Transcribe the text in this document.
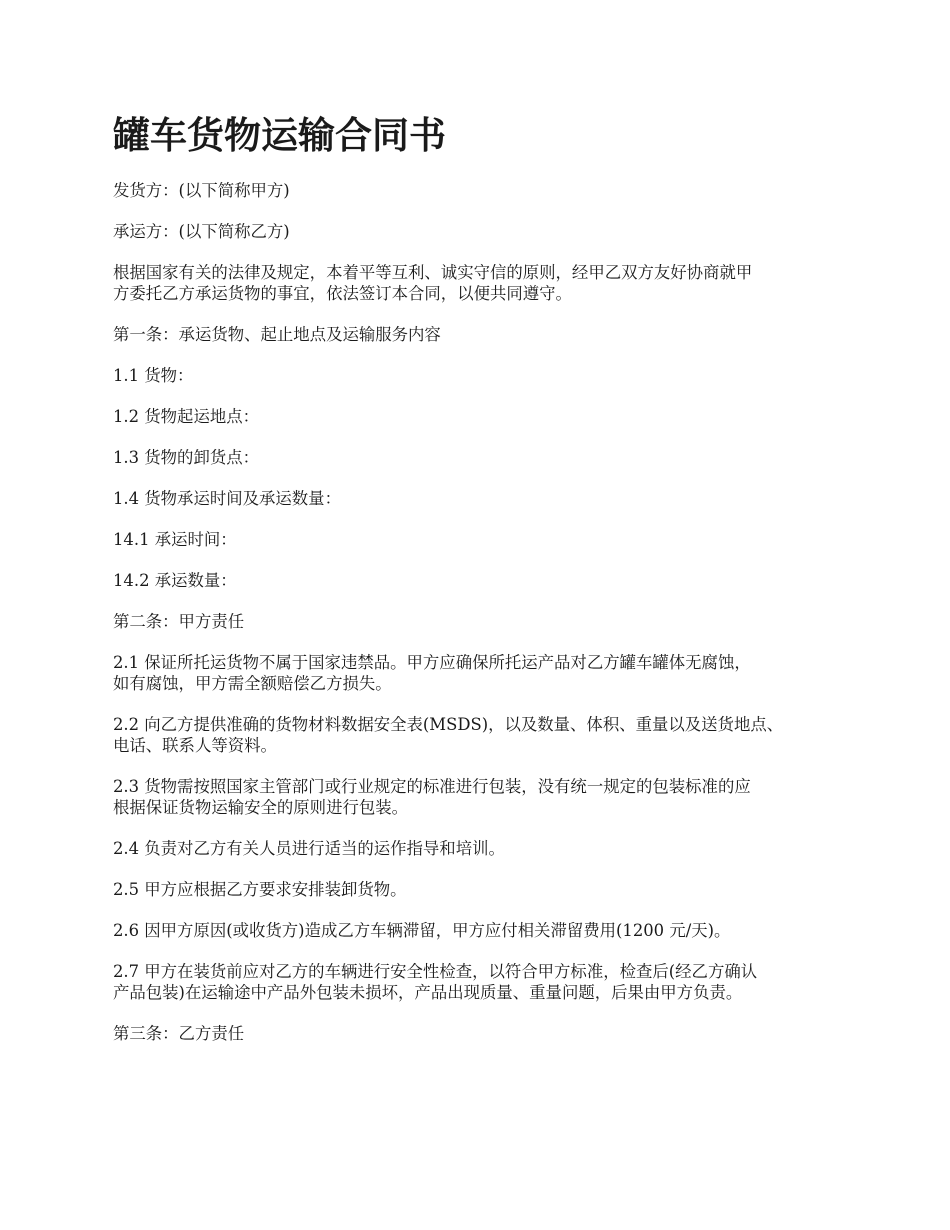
罐车货物运输合同书

发货方：(以下简称甲方)

承运方：(以下简称乙方)

根据国家有关的法律及规定，本着平等互利、诚实守信的原则，经甲乙双方友好协商就甲
方委托乙方承运货物的事宜，依法签订本合同，以便共同遵守。

第一条：承运货物、起止地点及运输服务内容

1.1 货物：

1.2 货物起运地点：

1.3 货物的卸货点：

1.4 货物承运时间及承运数量：

14.1 承运时间：

14.2 承运数量：

第二条：甲方责任

2.1 保证所托运货物不属于国家违禁品。甲方应确保所托运产品对乙方罐车罐体无腐蚀，
如有腐蚀，甲方需全额赔偿乙方损失。

2.2 向乙方提供准确的货物材料数据安全表(MSDS)，以及数量、体积、重量以及送货地点、
电话、联系人等资料。

2.3 货物需按照国家主管部门或行业规定的标准进行包装，没有统一规定的包装标准的应
根据保证货物运输安全的原则进行包装。

2.4 负责对乙方有关人员进行适当的运作指导和培训。

2.5 甲方应根据乙方要求安排装卸货物。

2.6 因甲方原因(或收货方)造成乙方车辆滞留，甲方应付相关滞留费用(1200 元/天)。

2.7 甲方在装货前应对乙方的车辆进行安全性检查，以符合甲方标准，检查后(经乙方确认
产品包装)在运输途中产品外包装未损坏，产品出现质量、重量问题，后果由甲方负责。

第三条：乙方责任
